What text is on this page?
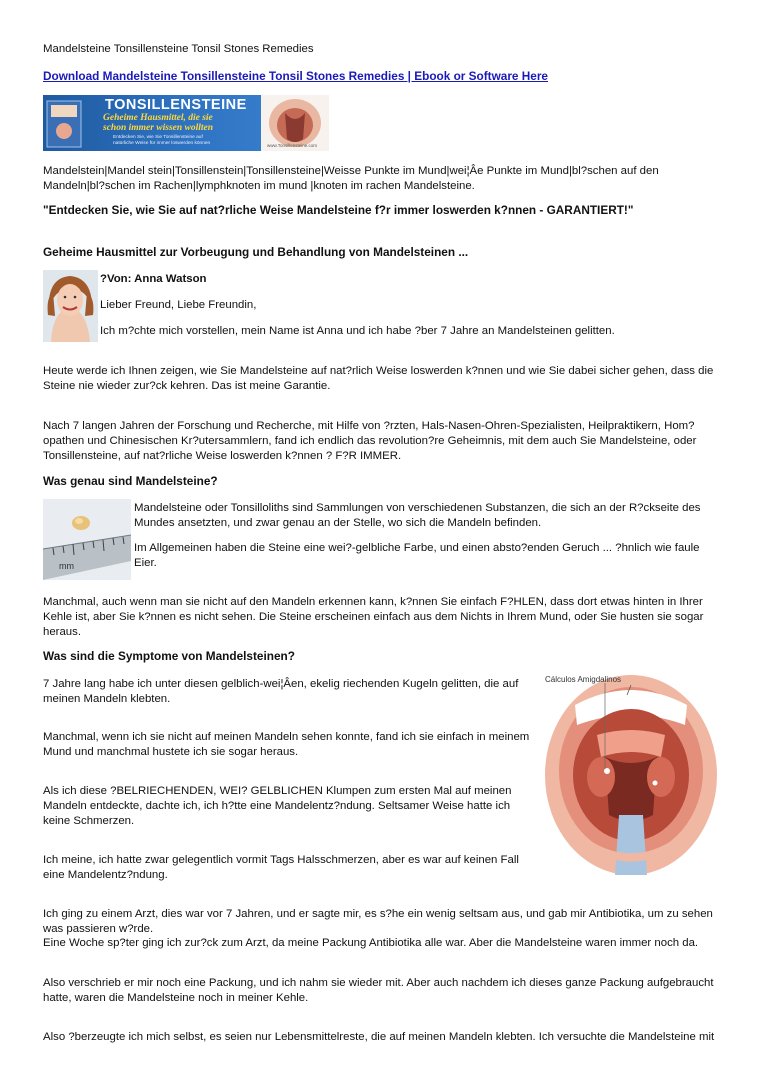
Mandelsteine Tonsillensteine Tonsil Stones Remedies
Download Mandelsteine Tonsillensteine Tonsil Stones Remedies | Ebook or Software Here
TONSILLENSTEINE
Geheime Hausmittel, die sie
schon immer wissen wollten
Entdecken Sie, wie Sie Tonsillensteine auf
natürliche Weise für immer loswerden können	www.Tonsillensteine.com
Mandelstein|Mandel stein|Tonsillenstein|Tonsillensteine|Weisse Punkte im Mund|wei¦Âe Punkte im Mund|bl?schen auf den
Mandeln|bl?schen im Rachen|lymphknoten im mund |knoten im rachen Mandelsteine.
"Entdecken Sie, wie Sie auf nat?rliche Weise Mandelsteine f?r immer loswerden k?nnen - GARANTIERT!"
Geheime Hausmittel zur Vorbeugung und Behandlung von Mandelsteinen ...
?Von: Anna Watson
Lieber Freund, Liebe Freundin,
Ich m?chte mich vorstellen, mein Name ist Anna und ich habe ?ber 7 Jahre an Mandelsteinen gelitten.
Heute werde ich Ihnen zeigen, wie Sie Mandelsteine auf nat?rlich Weise loswerden k?nnen und wie Sie dabei sicher gehen, dass die
Steine nie wieder zur?ck kehren. Das ist meine Garantie.
Nach 7 langen Jahren der Forschung und Recherche, mit Hilfe von ?rzten, Hals-Nasen-Ohren-Spezialisten, Heilpraktikern, Hom?
opathen und Chinesischen Kr?utersammlern, fand ich endlich das revolution?re Geheimnis, mit dem auch Sie Mandelsteine, oder
Tonsillensteine, auf nat?rliche Weise loswerden k?nnen ? F?R IMMER.
Was genau sind Mandelsteine?
mm
Mandelsteine oder Tonsilloliths sind Sammlungen von verschiedenen Substanzen, die sich an der R?ckseite des
Mundes ansetzten, und zwar genau an der Stelle, wo sich die Mandeln befinden.
Im Allgemeinen haben die Steine eine wei?-gelbliche Farbe, und einen absto?enden Geruch ... ?hnlich wie faule
Eier.
Manchmal, auch wenn man sie nicht auf den Mandeln erkennen kann, k?nnen Sie einfach F?HLEN, dass dort etwas hinten in Ihrer
Kehle ist, aber Sie k?nnen es nicht sehen. Die Steine erscheinen einfach aus dem Nichts in Ihrem Mund, oder Sie husten sie sogar
heraus.
Was sind die Symptome von Mandelsteinen?
Cálculos Amigdalinos
7 Jahre lang habe ich unter diesen gelblich-wei¦Âen, ekelig riechenden Kugeln gelitten, die auf
meinen Mandeln klebten.
Manchmal, wenn ich sie nicht auf meinen Mandeln sehen konnte, fand ich sie einfach in meinem
Mund und manchmal hustete ich sie sogar heraus.
Als ich diese ?BELRIECHENDEN, WEI? GELBLICHEN Klumpen zum ersten Mal auf meinen
Mandeln entdeckte, dachte ich, ich h?tte eine Mandelentz?ndung. Seltsamer Weise hatte ich
keine Schmerzen.
Ich meine, ich hatte zwar gelegentlich vormit Tags Halsschmerzen, aber es war auf keinen Fall
eine Mandelentz?ndung.
Ich ging zu einem Arzt, dies war vor 7 Jahren, und er sagte mir, es s?he ein wenig seltsam aus, und gab mir Antibiotika, um zu sehen
was passieren w?rde.
Eine Woche sp?ter ging ich zur?ck zum Arzt, da meine Packung Antibiotika alle war. Aber die Mandelsteine waren immer noch da.
Also verschrieb er mir noch eine Packung, und ich nahm sie wieder mit. Aber auch nachdem ich dieses ganze Packung aufgebraucht
hatte, waren die Mandelsteine noch in meiner Kehle.
Also ?berzeugte ich mich selbst, es seien nur Lebensmittelreste, die auf meinen Mandeln klebten. Ich versuchte die Mandelsteine mit
